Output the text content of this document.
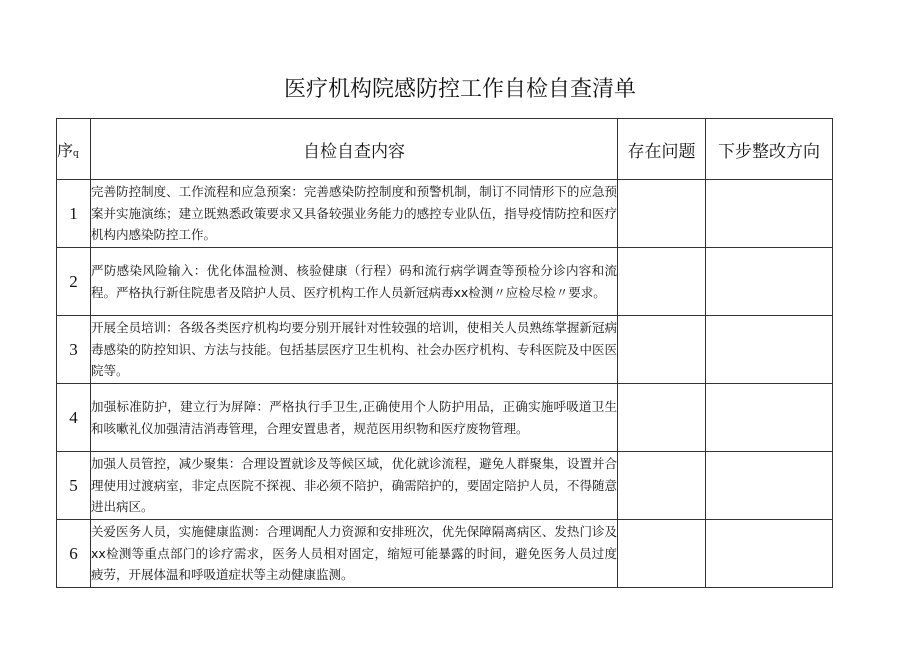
医疗机构院感防控工作自检自查清单
序q	自检自查内容	存在问题	下步整改方向
1	完善防控制度、工作流程和应急预案：完善感染防控制度和预警机制，制订不同情形下的应急预案并实施演练；建立既熟悉政策要求又具备较强业务能力的感控专业队伍，指导疫情防控和医疗机构内感染防控工作。		
2	严防感染风险输入：优化体温检测、核验健康（行程）码和流行病学调查等预检分诊内容和流程。严格执行新住院患者及陪护人员、医疗机构工作人员新冠病毒xx检测〃应检尽检〃要求。		
3	开展全员培训：各级各类医疗机构均要分别开展针对性较强的培训，使相关人员熟练掌握新冠病毒感染的防控知识、方法与技能。包括基层医疗卫生机构、社会办医疗机构、专科医院及中医医院等。		
4	加强标准防护，建立行为屏障：严格执行手卫生,正确使用个人防护用品，正确实施呼吸道卫生和咳嗽礼仪加强清洁消毒管理，合理安置患者，规范医用织物和医疗废物管理。		
5	加强人员管控，减少聚集：合理设置就诊及等候区域，优化就诊流程，避免人群聚集，设置并合理使用过渡病室，非定点医院不探视、非必须不陪护，确需陪护的，要固定陪护人员，不得随意进出病区。		
6	关爱医务人员，实施健康监测：合理调配人力资源和安排班次，优先保障隔离病区、发热门诊及xx检测等重点部门的诊疗需求，医务人员相对固定，缩短可能暴露的时间，避免医务人员过度疲劳，开展体温和呼吸道症状等主动健康监测。		
